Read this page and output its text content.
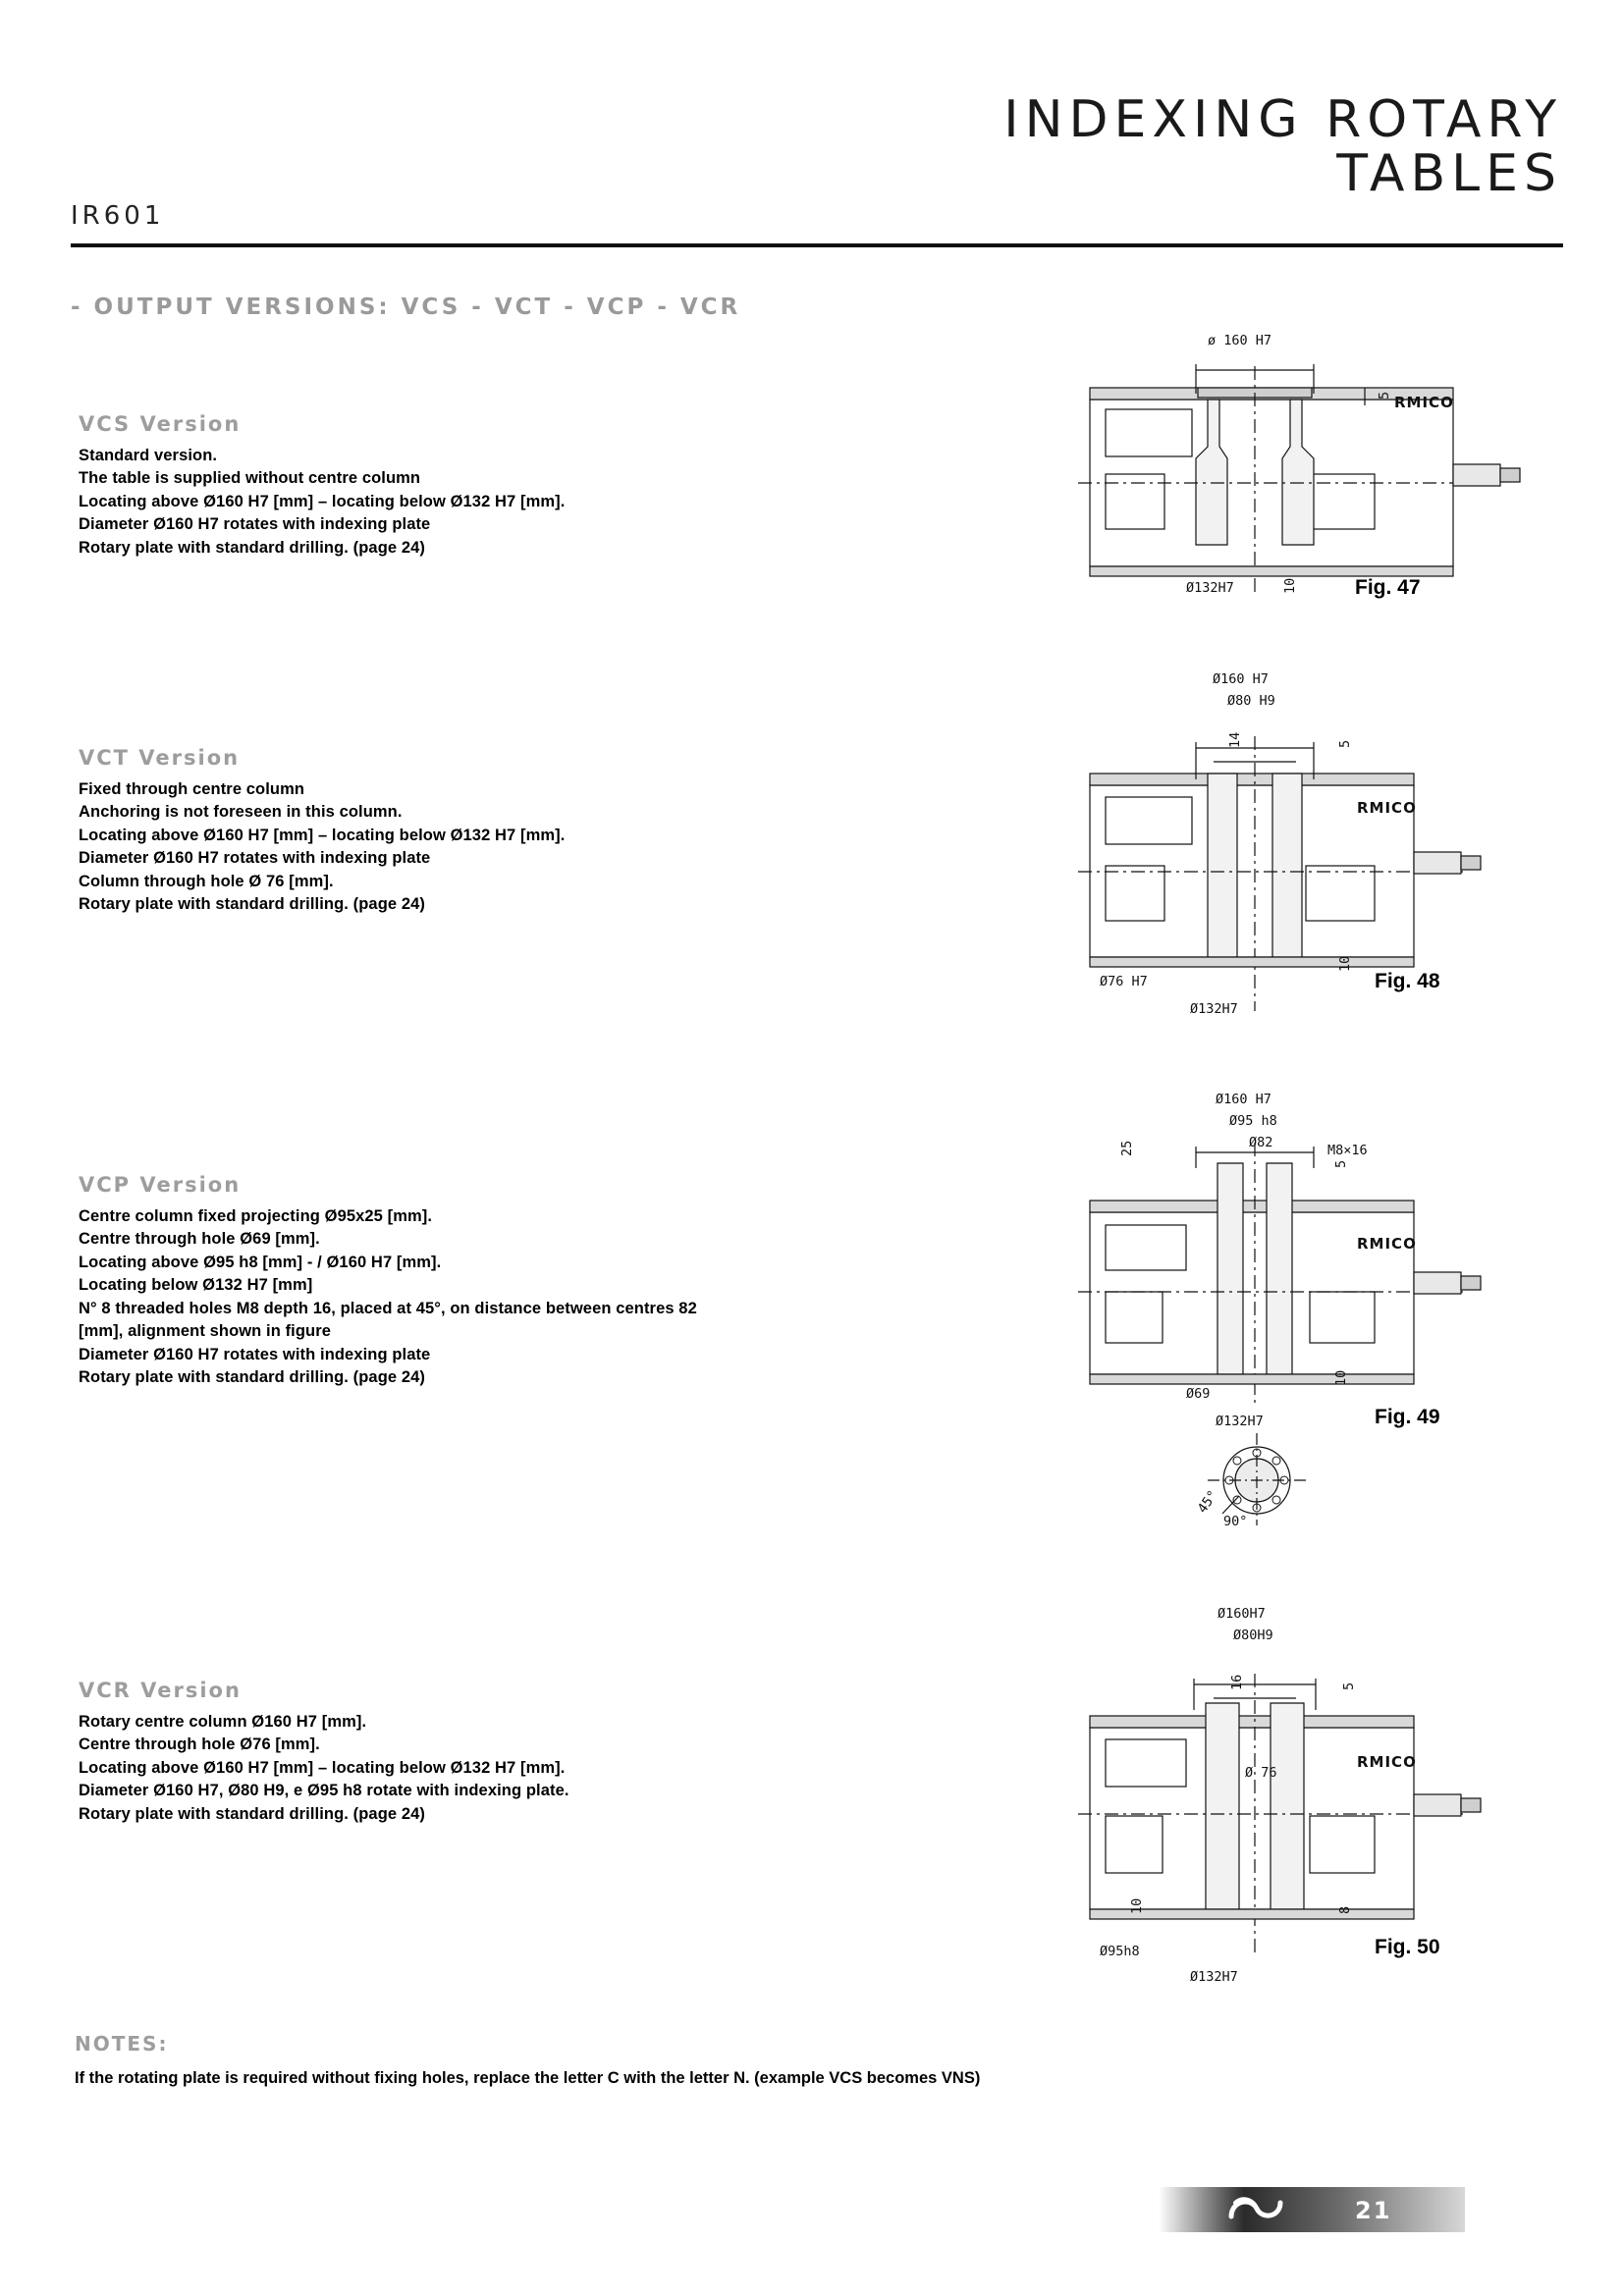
INDEXING ROTARY
TABLES
IR601
- OUTPUT VERSIONS: VCS - VCT - VCP - VCR
VCS Version
Standard version.
The table is supplied without centre column
Locating above Ø160 H7 [mm] – locating below Ø132 H7 [mm].
Diameter Ø160 H7 rotates with indexing plate
Rotary plate with standard drilling. (page 24)
VCT Version
Fixed through centre column
Anchoring is not foreseen in this column.
Locating above Ø160 H7 [mm] – locating below Ø132 H7 [mm].
Diameter Ø160 H7 rotates with indexing plate
Column through hole Ø 76 [mm].
Rotary plate with standard drilling. (page 24)
VCP Version
Centre column fixed projecting Ø95x25 [mm].
Centre through hole Ø69 [mm].
Locating above Ø95 h8 [mm] - / Ø160 H7 [mm].
Locating below Ø132 H7 [mm]
N° 8 threaded holes M8 depth 16, placed at 45°, on distance between centres 82
[mm], alignment shown in figure
Diameter Ø160 H7 rotates with indexing plate
Rotary plate with standard drilling. (page 24)
VCR Version
Rotary centre column Ø160 H7 [mm].
Centre through hole Ø76 [mm].
Locating above Ø160 H7 [mm] – locating below Ø132 H7 [mm].
Diameter Ø160 H7, Ø80 H9, e Ø95 h8 rotate with indexing plate.
Rotary plate with standard drilling. (page 24)
RMICO
ø 160 H7
5
Ø132H7	10	Fig. 47
RMICO
Ø160 H7
Ø80 H9
14	5
Ø76 H7
10
Ø132H7
Fig. 48
RMICO
Ø160 H7
Ø95 h8
Ø82	M8×16
25
5
Ø69
10
Ø132H7
45°
90°
Fig. 49
RMICO
Ø160H7
Ø80H9
16	5
Ø 76
10	8
Ø95h8
Ø132H7
Fig. 50
NOTES:
If the rotating plate is required without fixing holes, replace the letter C with the letter N. (example VCS becomes VNS)
21
